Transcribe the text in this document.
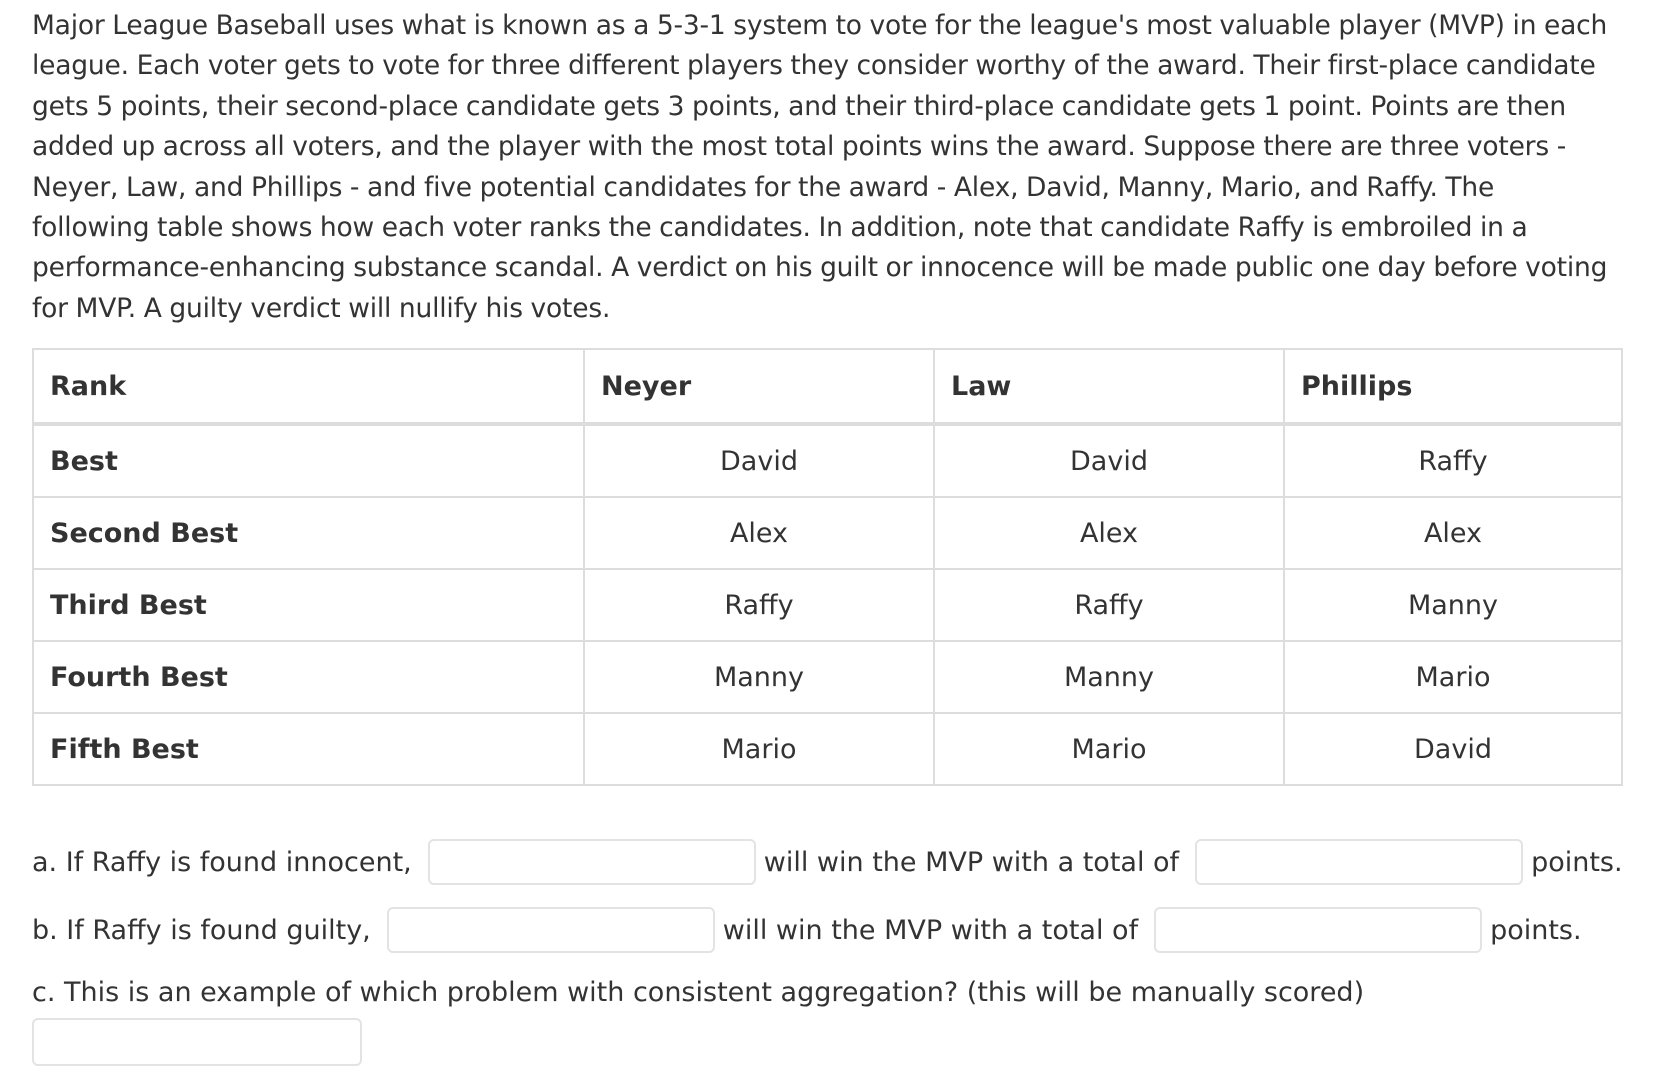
Major League Baseball uses what is known as a 5-3-1 system to vote for the league's most valuable player (MVP) in each
league. Each voter gets to vote for three different players they consider worthy of the award. Their first-place candidate
gets 5 points, their second-place candidate gets 3 points, and their third-place candidate gets 1 point. Points are then
added up across all voters, and the player with the most total points wins the award. Suppose there are three voters -
Neyer, Law, and Phillips - and five potential candidates for the award - Alex, David, Manny, Mario, and Raffy. The
following table shows how each voter ranks the candidates. In addition, note that candidate Raffy is embroiled in a
performance-enhancing substance scandal. A verdict on his guilt or innocence will be made public one day before voting
for MVP. A guilty verdict will nullify his votes.

Rank	Neyer	Law	Phillips
Best	David	David	Raffy
Second Best	Alex	Alex	Alex
Third Best	Raffy	Raffy	Manny
Fourth Best	Manny	Manny	Mario
Fifth Best	Mario	Mario	David
a. If Raffy is found innocent,	will win the MVP with a total of	points.
b. If Raffy is found guilty,	will win the MVP with a total of	points.
c. This is an example of which problem with consistent aggregation? (this will be manually scored)
